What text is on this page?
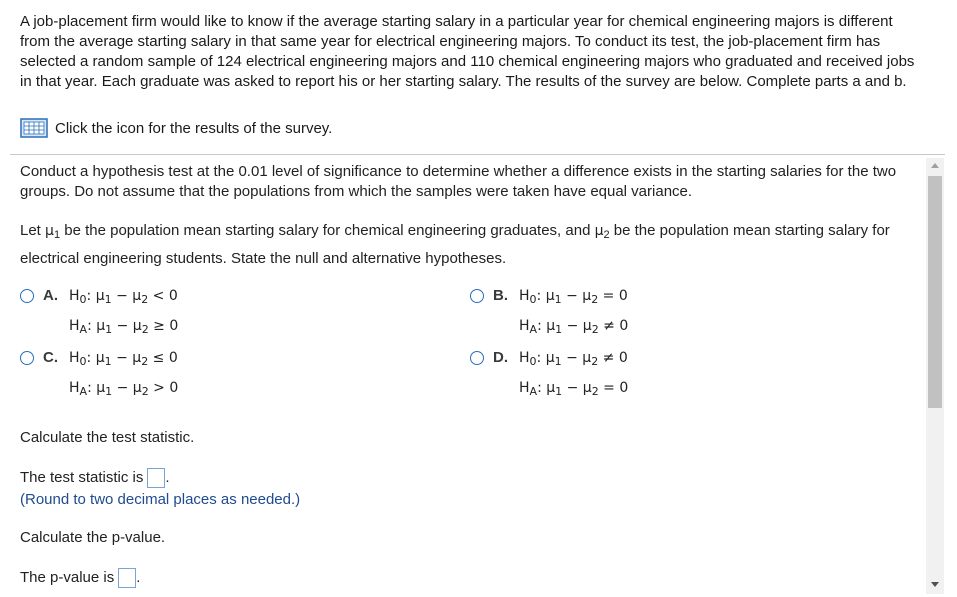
A job-placement firm would like to know if the average starting salary in a particular year for chemical engineering majors is different from the average starting salary in that same year for electrical engineering majors. To conduct its test, the job-placement firm has selected a random sample of 124 electrical engineering majors and 110 chemical engineering majors who graduated and received jobs in that year. Each graduate was asked to report his or her starting salary. The results of the survey are below. Complete parts a and b.
Click the icon for the results of the survey.
Conduct a hypothesis test at the 0.01 level of significance to determine whether a difference exists in the starting salaries for the two groups. Do not assume that the populations from which the samples were taken have equal variance.
Let $\mu_1$ be the population mean starting salary for chemical engineering graduates, and $\mu_2$ be the population mean starting salary for electrical engineering students. State the null and alternative hypotheses.
A. $H_0$: $\mu_1 - \mu_2 < 0$
$H_A$: $\mu_1 - \mu_2 \ge 0$
B. $H_0$: $\mu_1 - \mu_2 = 0$
$H_A$: $\mu_1 - \mu_2 \ne 0$
C. $H_0$: $\mu_1 - \mu_2 \le 0$
$H_A$: $\mu_1 - \mu_2 > 0$
D. $H_0$: $\mu_1 - \mu_2 \ne 0$
$H_A$: $\mu_1 - \mu_2 = 0$
Calculate the test statistic.
The test statistic is .
(Round to two decimal places as needed.)
Calculate the p-value.
The p-value is .
